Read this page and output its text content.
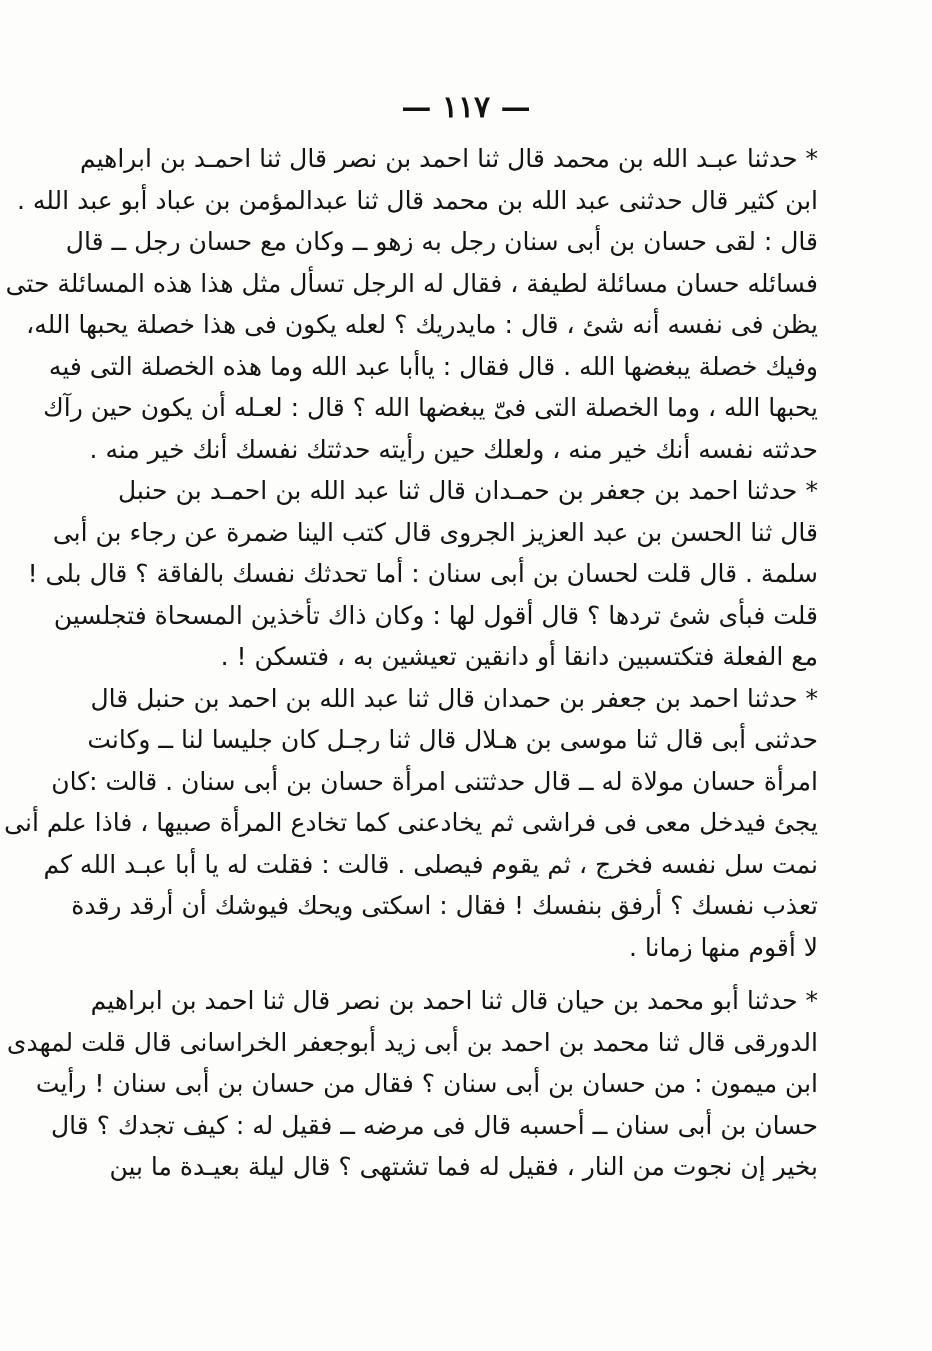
— ١١٧ —
* حدثنا عبـد الله بن محمد قال ثنا احمد بن نصر قال ثنا احمـد بن ابراهيم
ابن كثير قال حدثنى عبد الله بن محمد قال ثنا عبدالمؤمن بن عباد أبو عبد الله .
قال : لقى حسان بن أبى سنان رجل به زهو ــ وكان مع حسان رجل ــ قال
فسائله حسان مسائلة لطيفة ، فقال له الرجل تسأل مثل هذا هذه المسائلة حتى
يظن فى نفسه أنه شئ ، قال : مايدريك ؟ لعله يكون فى هذا خصلة يحبها الله،
وفيك خصلة يبغضها الله . قال فقال : ياأبا عبد الله وما هذه الخصلة التى فيه
يحبها الله ، وما الخصلة التى فىّ يبغضها الله ؟ قال : لعـله أن يكون حين رآك
حدثته نفسه أنك خير منه ، ولعلك حين رأيته حدثتك نفسك أنك خير منه .
* حدثنا احمد بن جعفر بن حمـدان قال ثنا عبد الله بن احمـد بن حنبل
قال ثنا الحسن بن عبد العزيز الجروى قال كتب الينا ضمرة عن رجاء بن أبى
سلمة . قال قلت لحسان بن أبى سنان : أما تحدثك نفسك بالفاقة ؟ قال بلى !
قلت فبأى شئ تردها ؟ قال أقول لها : وكان ذاك تأخذين المسحاة فتجلسين
مع الفعلة فتكتسبين دانقا أو دانقين تعيشين به ، فتسكن ! .
* حدثنا احمد بن جعفر بن حمدان قال ثنا عبد الله بن احمد بن حنبل قال
حدثنى أبى قال ثنا موسى بن هـلال قال ثنا رجـل كان جليسا لنا ــ وكانت
امرأة حسان مولاة له ــ قال حدثتنى امرأة حسان بن أبى سنان . قالت :كان
يجئ فيدخل معى فى فراشى ثم يخادعنى كما تخادع المرأة صبيها ، فاذا علم أنى
نمت سل نفسه فخرج ، ثم يقوم فيصلى . قالت : فقلت له يا أبا عبـد الله كم
تعذب نفسك ؟ أرفق بنفسك ! فقال : اسكتى ويحك فيوشك أن أرقد رقدة
لا أقوم منها زمانا .
* حدثنا أبو محمد بن حيان قال ثنا احمد بن نصر قال ثنا احمد بن ابراهيم
الدورقى قال ثنا محمد بن احمد بن أبى زيد أبوجعفر الخراسانى قال قلت لمهدى
ابن ميمون : من حسان بن أبى سنان ؟ فقال من حسان بن أبى سنان ! رأيت
حسان بن أبى سنان ــ أحسبه قال فى مرضه ــ فقيل له : كيف تجدك ؟ قال
بخير إن نجوت من النار ، فقيل له فما تشتهى ؟ قال ليلة بعيـدة ما بين
